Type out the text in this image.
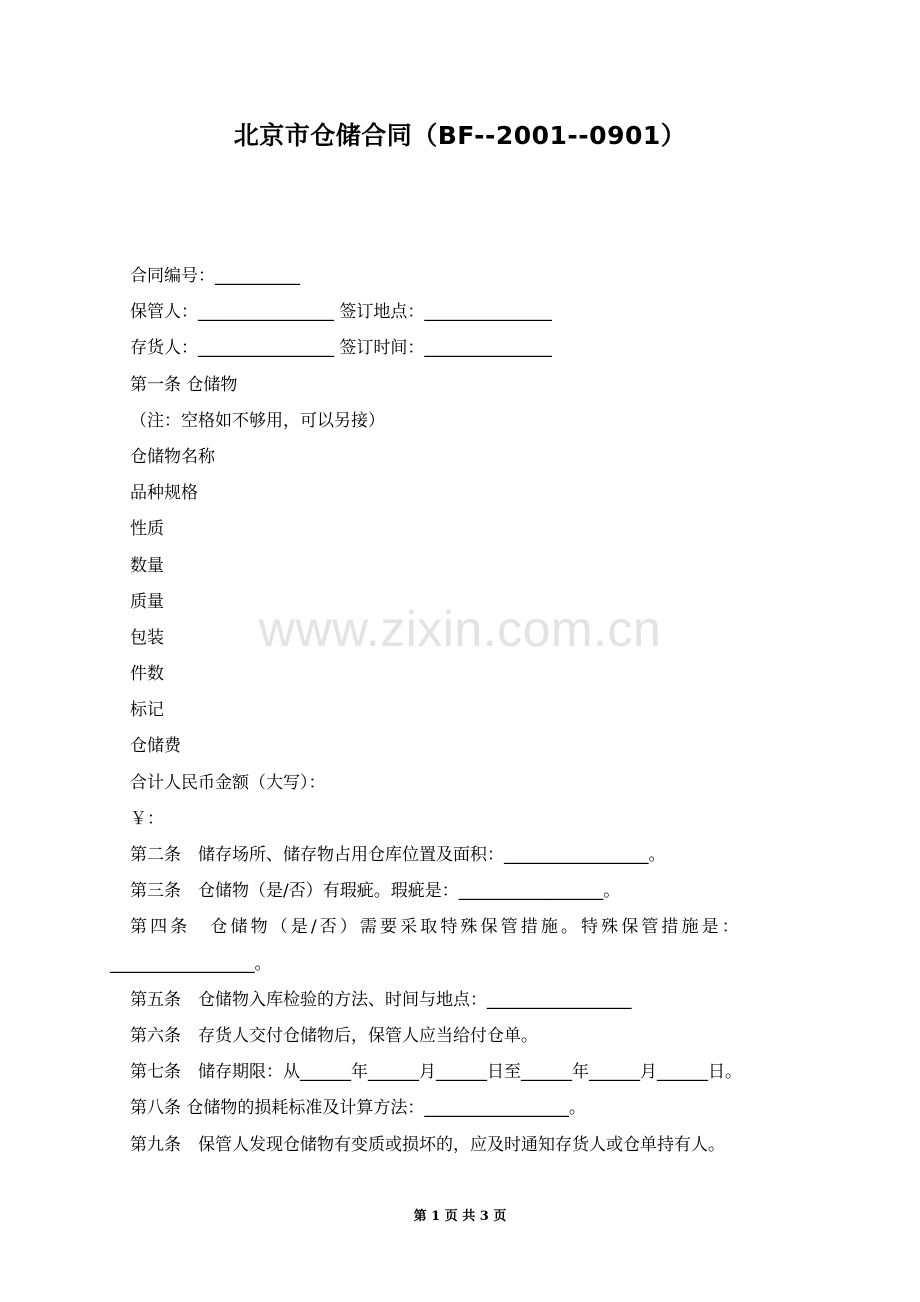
北京市仓储合同（BF--2001--0901）
合同编号：__________
保管人：________________ 签订地点：_______________
存货人：________________ 签订时间：_______________
第一条 仓储物
（注：空格如不够用，可以另接）
仓储物名称
品种规格
性质
数量
质量
包装
件数
标记
仓储费
合计人民币金额（大写）：
￥：
第二条　储存场所、储存物占用仓库位置及面积：_________________。
第三条　仓储物（是/否）有瑕疵。瑕疵是：_________________。
第四条　仓储物（是/否）需要采取特殊保管措施。特殊保管措施是：
_________________。
第五条　仓储物入库检验的方法、时间与地点：_________________
第六条　存货人交付仓储物后，保管人应当给付仓单。
第七条　储存期限：从______年______月______日至______年______月______日。
第八条 仓储物的损耗标准及计算方法：_________________。
第九条　保管人发现仓储物有变质或损坏的，应及时通知存货人或仓单持有人。
www.zixin.com.cn
第 1 页 共 3 页
